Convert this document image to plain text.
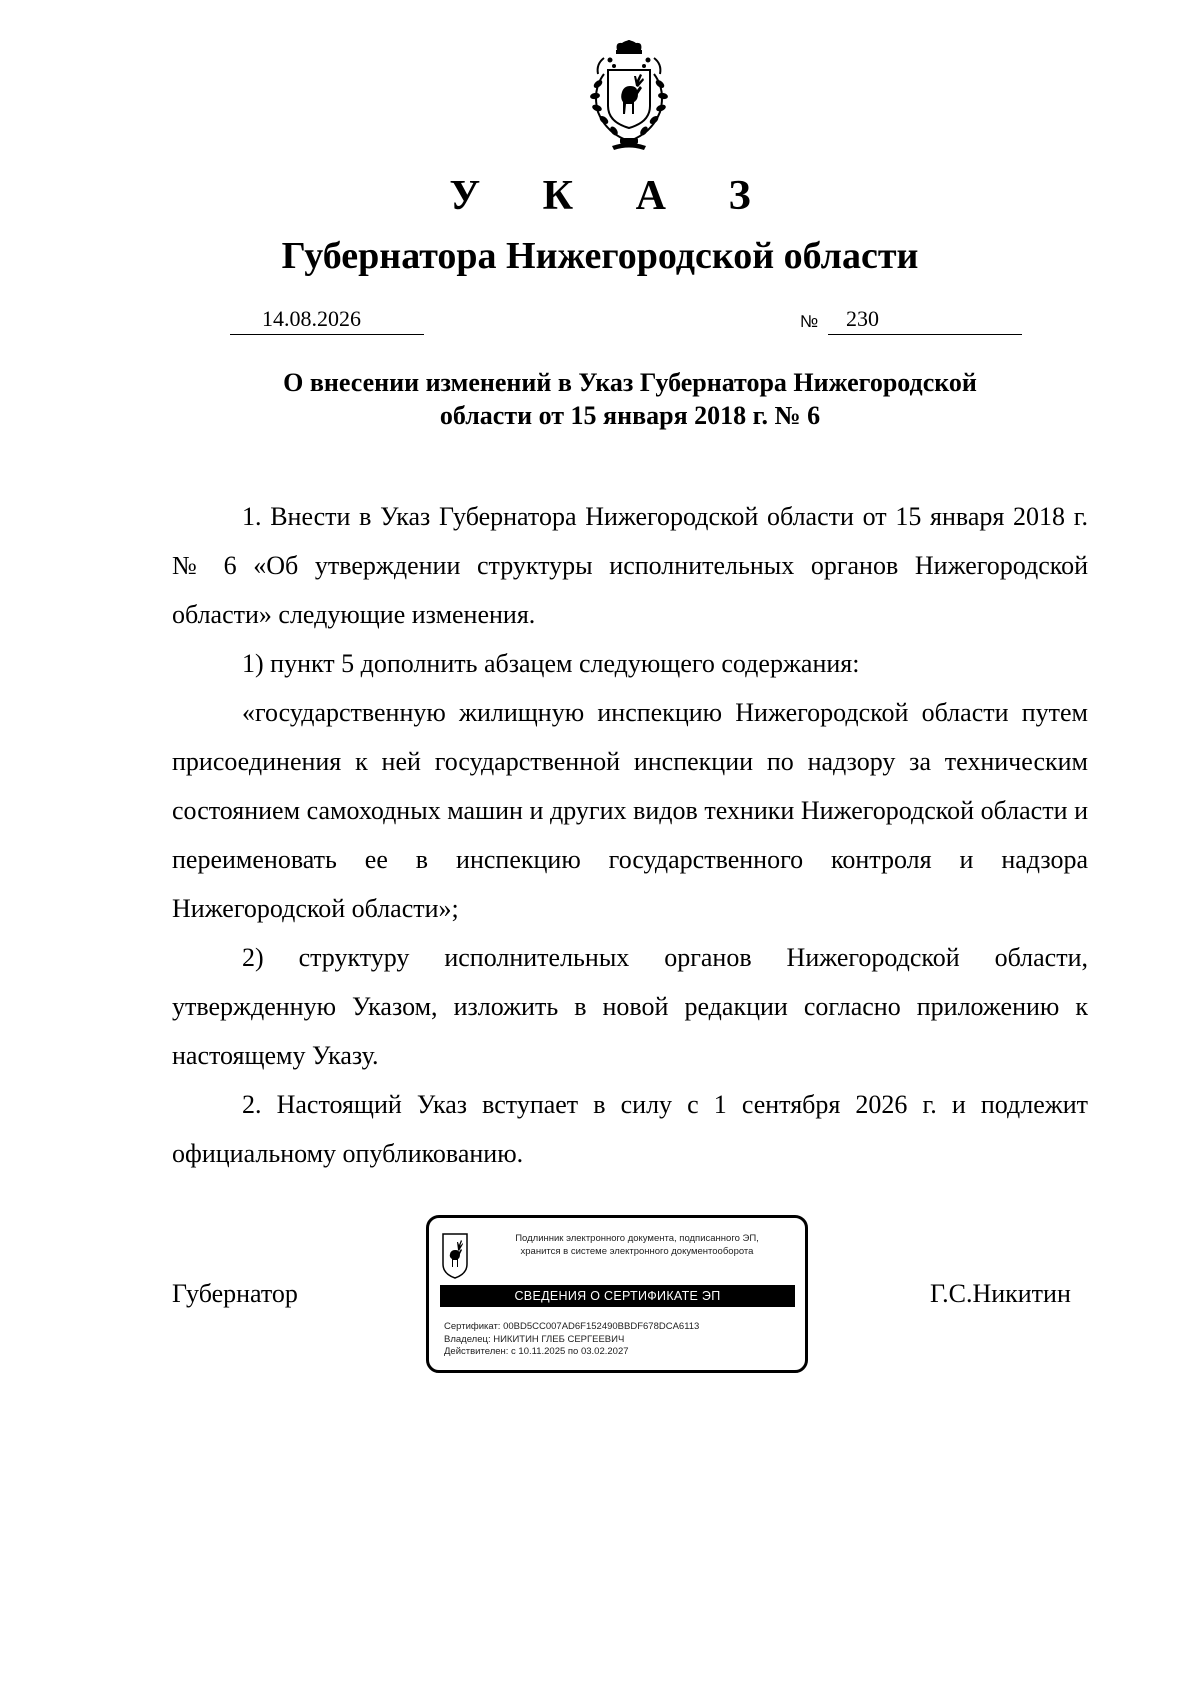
У К А З
Губернатора Нижегородской области
14.08.2026	№ 230
О внесении изменений в Указ Губернатора Нижегородской
области от 15 января 2018 г. № 6

1. Внести в Указ Губернатора Нижегородской области от 15 января 2018 г. № 6 «Об утверждении структуры исполнительных органов Нижегородской области» следующие изменения.

1) пункт 5 дополнить абзацем следующего содержания:

«государственную жилищную инспекцию Нижегородской области путем присоединения к ней государственной инспекции по надзору за техническим состоянием самоходных машин и других видов техники Нижегородской области и переименовать ее в инспекцию государственного контроля и надзора Нижегородской области»;

2) структуру исполнительных органов Нижегородской области, утвержденную Указом, изложить в новой редакции согласно приложению к настоящему Указу.

2. Настоящий Указ вступает в силу с 1 сентября 2026 г. и подлежит официальному опубликованию.

Губернатор
Подлинник электронного документа, подписанного ЭП,
хранится в системе электронного документооборота
СВЕДЕНИЯ О СЕРТИФИКАТЕ ЭП
Сертификат: 00BD5CC007AD6F152490BBDF678DCA6113
Владелец: НИКИТИН ГЛЕБ СЕРГЕЕВИЧ
Действителен: с 10.11.2025 по 03.02.2027
Г.С.Никитин
